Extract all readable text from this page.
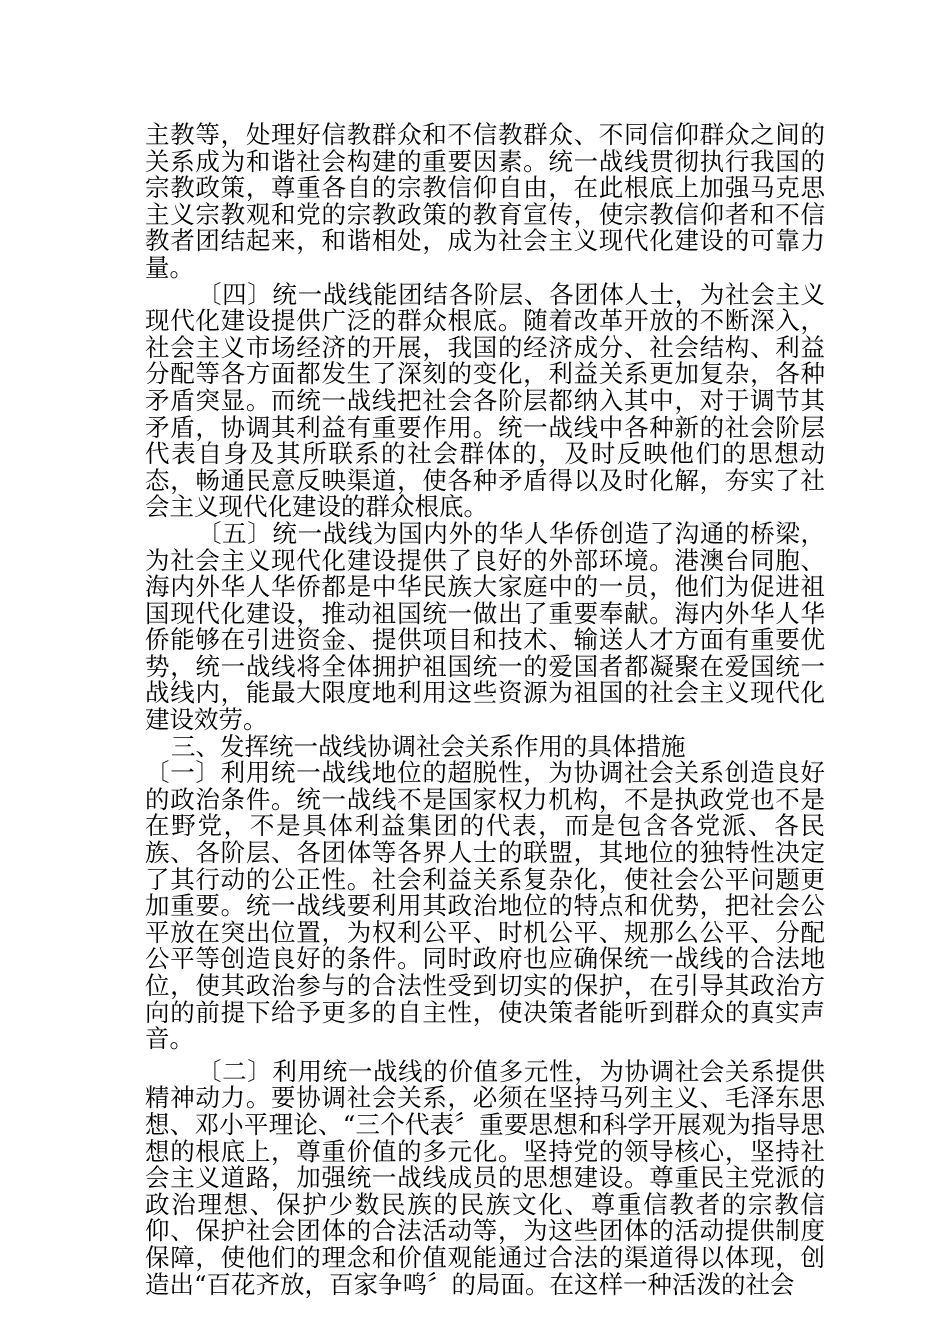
主教等，处理好信教群众和不信教群众、不同信仰群众之间的关系成为和谐社会构建的重要因素。统一战线贯彻执行我国的宗教政策，尊重各自的宗教信仰自由，在此根底上加强马克思主义宗教观和党的宗教政策的教育宣传，使宗教信仰者和不信教者团结起来，和谐相处，成为社会主义现代化建设的可靠力量。

〔四〕统一战线能团结各阶层、各团体人士，为社会主义现代化建设提供广泛的群众根底。随着改革开放的不断深入，社会主义市场经济的开展，我国的经济成分、社会结构、利益分配等各方面都发生了深刻的变化，利益关系更加复杂，各种矛盾突显。而统一战线把社会各阶层都纳入其中，对于调节其矛盾，协调其利益有重要作用。统一战线中各种新的社会阶层代表自身及其所联系的社会群体的，及时反映他们的思想动态，畅通民意反映渠道，使各种矛盾得以及时化解，夯实了社会主义现代化建设的群众根底。

〔五〕统一战线为国内外的华人华侨创造了沟通的桥梁，为社会主义现代化建设提供了良好的外部环境。港澳台同胞、海内外华人华侨都是中华民族大家庭中的一员，他们为促进祖国现代化建设，推动祖国统一做出了重要奉献。海内外华人华侨能够在引进资金、提供项目和技术、输送人才方面有重要优势，统一战线将全体拥护祖国统一的爱国者都凝聚在爱国统一战线内，能最大限度地利用这些资源为祖国的社会主义现代化建设效劳。

三、发挥统一战线协调社会关系作用的具体措施

〔一〕利用统一战线地位的超脱性，为协调社会关系创造良好的政治条件。统一战线不是国家权力机构，不是执政党也不是在野党，不是具体利益集团的代表，而是包含各党派、各民族、各阶层、各团体等各界人士的联盟，其地位的独特性决定了其行动的公正性。社会利益关系复杂化，使社会公平问题更加重要。统一战线要利用其政治地位的特点和优势，把社会公平放在突出位置，为权利公平、时机公平、规那么公平、分配公平等创造良好的条件。同时政府也应确保统一战线的合法地位，使其政治参与的合法性受到切实的保护，在引导其政治方向的前提下给予更多的自主性，使决策者能听到群众的真实声音。

〔二〕利用统一战线的价值多元性，为协调社会关系提供精神动力。要协调社会关系，必须在坚持马列主义、毛泽东思想、邓小平理论、“三个代表〞重要思想和科学开展观为指导思想的根底上，尊重价值的多元化。坚持党的领导核心，坚持社会主义道路，加强统一战线成员的思想建设。尊重民主党派的政治理想、保护少数民族的民族文化、尊重信教者的宗教信仰、保护社会团体的合法活动等，为这些团体的活动提供制度保障，使他们的理念和价值观能通过合法的渠道得以体现，创造出“百花齐放，百家争鸣〞的局面。在这样一种活泼的社会
